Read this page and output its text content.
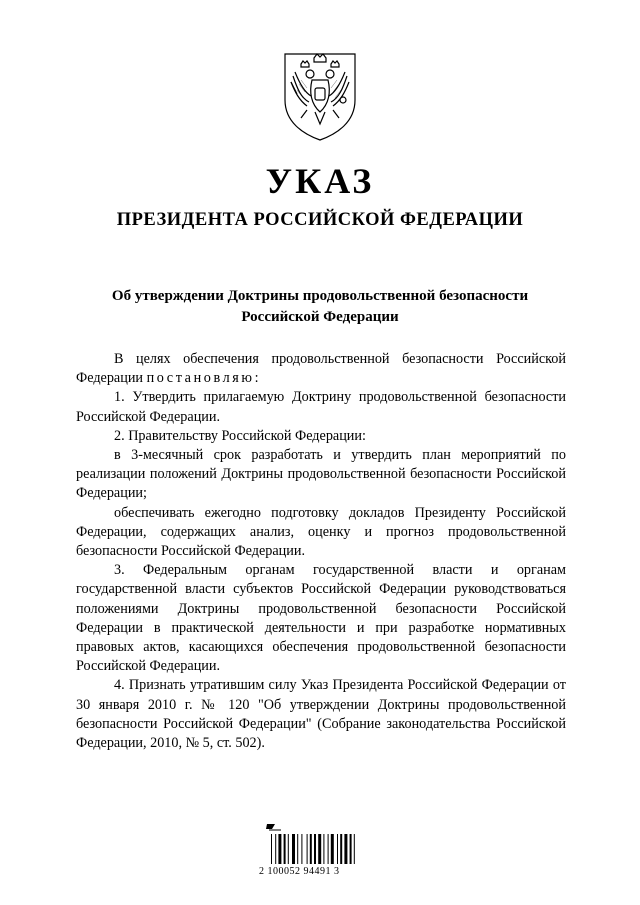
УКАЗ
ПРЕЗИДЕНТА РОССИЙСКОЙ ФЕДЕРАЦИИ
Об утверждении Доктрины продовольственной безопасности
Российской Федерации

В целях обеспечения продовольственной безопасности Российской Федерации постановляю:

1. Утвердить прилагаемую Доктрину продовольственной безопасности Российской Федерации.

2. Правительству Российской Федерации:

в 3-месячный срок разработать и утвердить план мероприятий по реализации положений Доктрины продовольственной безопасности Российской Федерации;

обеспечивать ежегодно подготовку докладов Президенту Российской Федерации, содержащих анализ, оценку и прогноз продовольственной безопасности Российской Федерации.

3. Федеральным органам государственной власти и органам государственной власти субъектов Российской Федерации руководствоваться положениями Доктрины продовольственной безопасности Российской Федерации в практической деятельности и при разработке нормативных правовых актов, касающихся обеспечения продовольственной безопасности Российской Федерации.

4. Признать утратившим силу Указ Президента Российской Федерации от 30 января 2010 г. № 120 "Об утверждении Доктрины продовольственной безопасности Российской Федерации" (Собрание законодательства Российской Федерации, 2010, № 5, ст. 502).

2 100052 94491 3
